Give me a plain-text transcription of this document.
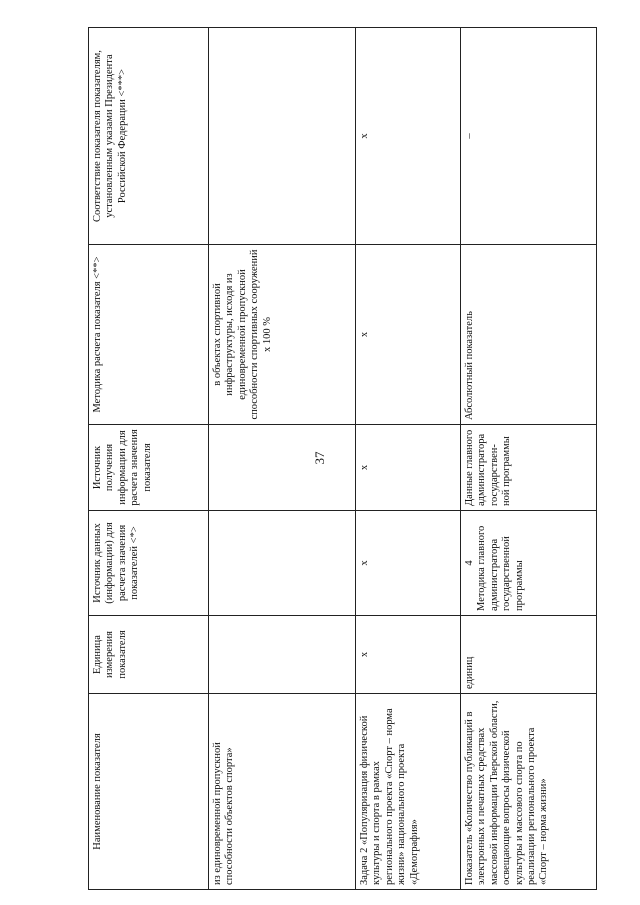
37
Наименование показателя	Единица измерения показателя	Источник данных (информации) для расчета значения показателей <*>	Источник получения информации для расчета значения показателя	Методика расчета показателя <**>	Соответствие показателя показателям, установленным указами Президента Российской Федерации <***>
из единовременной пропускной способности объектов спорта»				в объектах спортивной инфраструктуры, исходя из единовременной пропускной способности спортивных сооружений х 100 %	
Задача 2 «Популяризация физической культуры и спорта в рамках регионального проекта «Спорт – норма жизни» национального проекта «Демография»	х	х	х	х	х
Показатель «Количество публикаций в электронных и печатных средствах массовой информации Тверской области, освещающие вопросы физической культуры и массового спорта по реализации регионального проекта «Спорт – норма жизни»	единиц	4 Методика главного администратора государственной программы	Данные главного администратора государствен-ной программы	Абсолютный показатель	–
